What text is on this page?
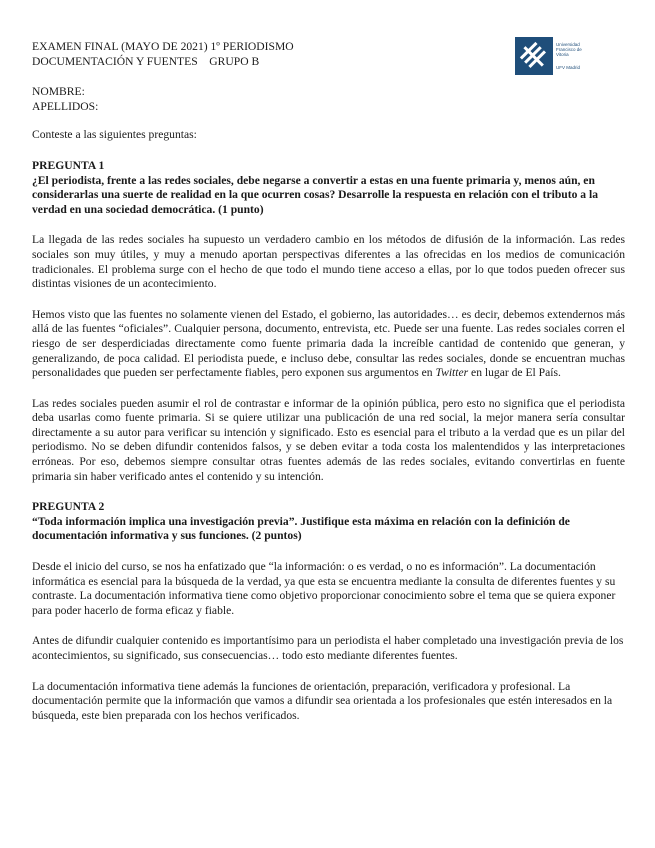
Universidad
Francisco de
Vitoria
UFV Madrid

EXAMEN FINAL (MAYO DE 2021) 1º PERIODISMO

DOCUMENTACIÓN Y FUENTES    GRUPO B

NOMBRE:

APELLIDOS:

Conteste a las siguientes preguntas:

PREGUNTA 1

¿El periodista, frente a las redes sociales, debe negarse a convertir a estas en una fuente primaria y, menos aún, en considerarlas una suerte de realidad en la que ocurren cosas? Desarrolle la respuesta en relación con el tributo a la verdad en una sociedad democrática. (1 punto)

La llegada de las redes sociales ha supuesto un verdadero cambio en los métodos de difusión de la información. Las redes sociales son muy útiles, y muy a menudo aportan perspectivas diferentes a las ofrecidas en los medios de comunicación tradicionales. El problema surge con el hecho de que todo el mundo tiene acceso a ellas, por lo que todos pueden ofrecer sus distintas visiones de un acontecimiento.

Hemos visto que las fuentes no solamente vienen del Estado, el gobierno, las autoridades… es decir, debemos extendernos más allá de las fuentes “oficiales”. Cualquier persona, documento, entrevista, etc. Puede ser una fuente. Las redes sociales corren el riesgo de ser desperdiciadas directamente como fuente primaria dada la increíble cantidad de contenido que generan, y generalizando, de poca calidad. El periodista puede, e incluso debe, consultar las redes sociales, donde se encuentran muchas personalidades que pueden ser perfectamente fiables, pero exponen sus argumentos en Twitter en lugar de El País.

Las redes sociales pueden asumir el rol de contrastar e informar de la opinión pública, pero esto no significa que el periodista deba usarlas como fuente primaria. Si se quiere utilizar una publicación de una red social, la mejor manera sería consultar directamente a su autor para verificar su intención y significado. Esto es esencial para el tributo a la verdad que es un pilar del periodismo. No se deben difundir contenidos falsos, y se deben evitar a toda costa los malentendidos y las interpretaciones erróneas. Por eso, debemos siempre consultar otras fuentes además de las redes sociales, evitando convertirlas en fuente primaria sin haber verificado antes el contenido y su intención.

PREGUNTA 2

“Toda información implica una investigación previa”. Justifique esta máxima en relación con la definición de documentación informativa y sus funciones. (2 puntos)

Desde el inicio del curso, se nos ha enfatizado que “la información: o es verdad, o no es información”. La documentación informática es esencial para la búsqueda de la verdad, ya que esta se encuentra mediante la consulta de diferentes fuentes y su contraste. La documentación informativa tiene como objetivo proporcionar conocimiento sobre el tema que se quiera exponer para poder hacerlo de forma eficaz y fiable.

Antes de difundir cualquier contenido es importantísimo para un periodista el haber completado una investigación previa de los acontecimientos, su significado, sus consecuencias… todo esto mediante diferentes fuentes.

La documentación informativa tiene además la funciones de orientación, preparación, verificadora y profesional. La documentación permite que la información que vamos a difundir sea orientada a los profesionales que estén interesados en la búsqueda, este bien preparada con los hechos verificados.
